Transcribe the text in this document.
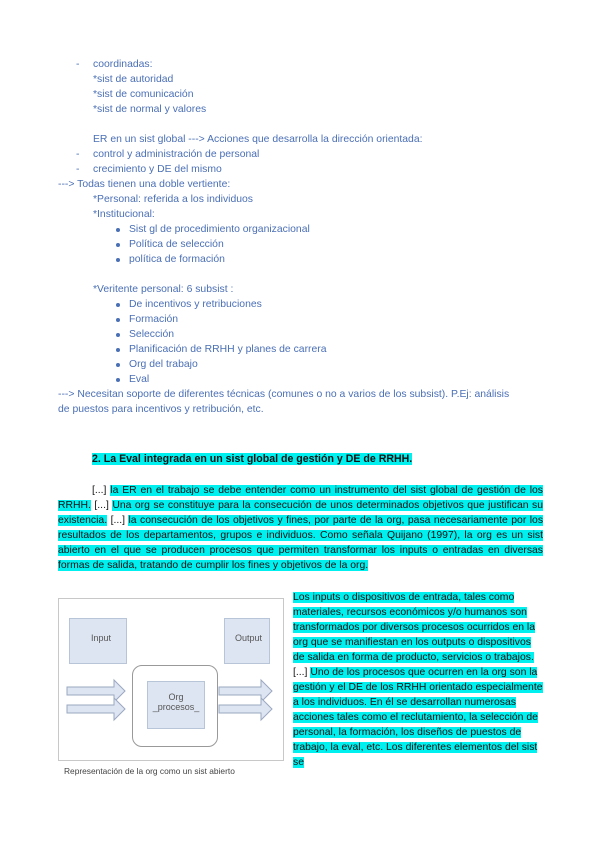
- coordinadas:
*sist de autoridad
*sist de comunicación
*sist de normal y valores
ER en un sist global ---> Acciones que desarrolla la dirección orientada:
- control y administración de personal
- crecimiento y DE del mismo
---> Todas tienen una doble vertiente:
*Personal: referida a los individuos
*Institucional:
Sist gl de procedimiento organizacional
Política de selección
política de formación
*Veritente personal: 6 subsist :
De incentivos y retribuciones
Formación
Selección
Planificación de RRHH y planes de carrera
Org del trabajo
Eval
---> Necesitan soporte de diferentes técnicas (comunes o no a varios de los subsist). P.Ej: análisis
de puestos para incentivos y retribución, etc.
2. La Eval integrada en un sist global de gestión y DE de RRHH.
[...] la ER en el trabajo se debe entender como un instrumento del sist global de gestión de los RRHH. [...] Una org se constituye para la consecución de unos determinados objetivos que justifican su existencia. [...] la consecución de los objetivos y fines, por parte de la org, pasa necesariamente por los resultados de los departamentos, grupos e individuos. Como señala Quijano (1997), la org es un sist abierto en el que se producen procesos que permiten transformar los inputs o entradas en diversas formas de salida, tratando de cumplir los fines y objetivos de la org.
Input	Output
Org
_procesos_
Representación de la org como un sist abierto
Los inputs o dispositivos de entrada, tales como materiales, recursos económicos y/o humanos son transformados por diversos procesos ocurridos en la org que se manifiestan en los outputs o dispositivos de salida en forma de producto, servicios o trabajos. [...] Uno de los procesos que ocurren en la org son la gestión y el DE de los RRHH orientado especialmente a los individuos. En él se desarrollan numerosas acciones tales como el reclutamiento, la selección de personal, la formación, los diseños de puestos de trabajo, la eval, etc. Los diferentes elementos del sist se
